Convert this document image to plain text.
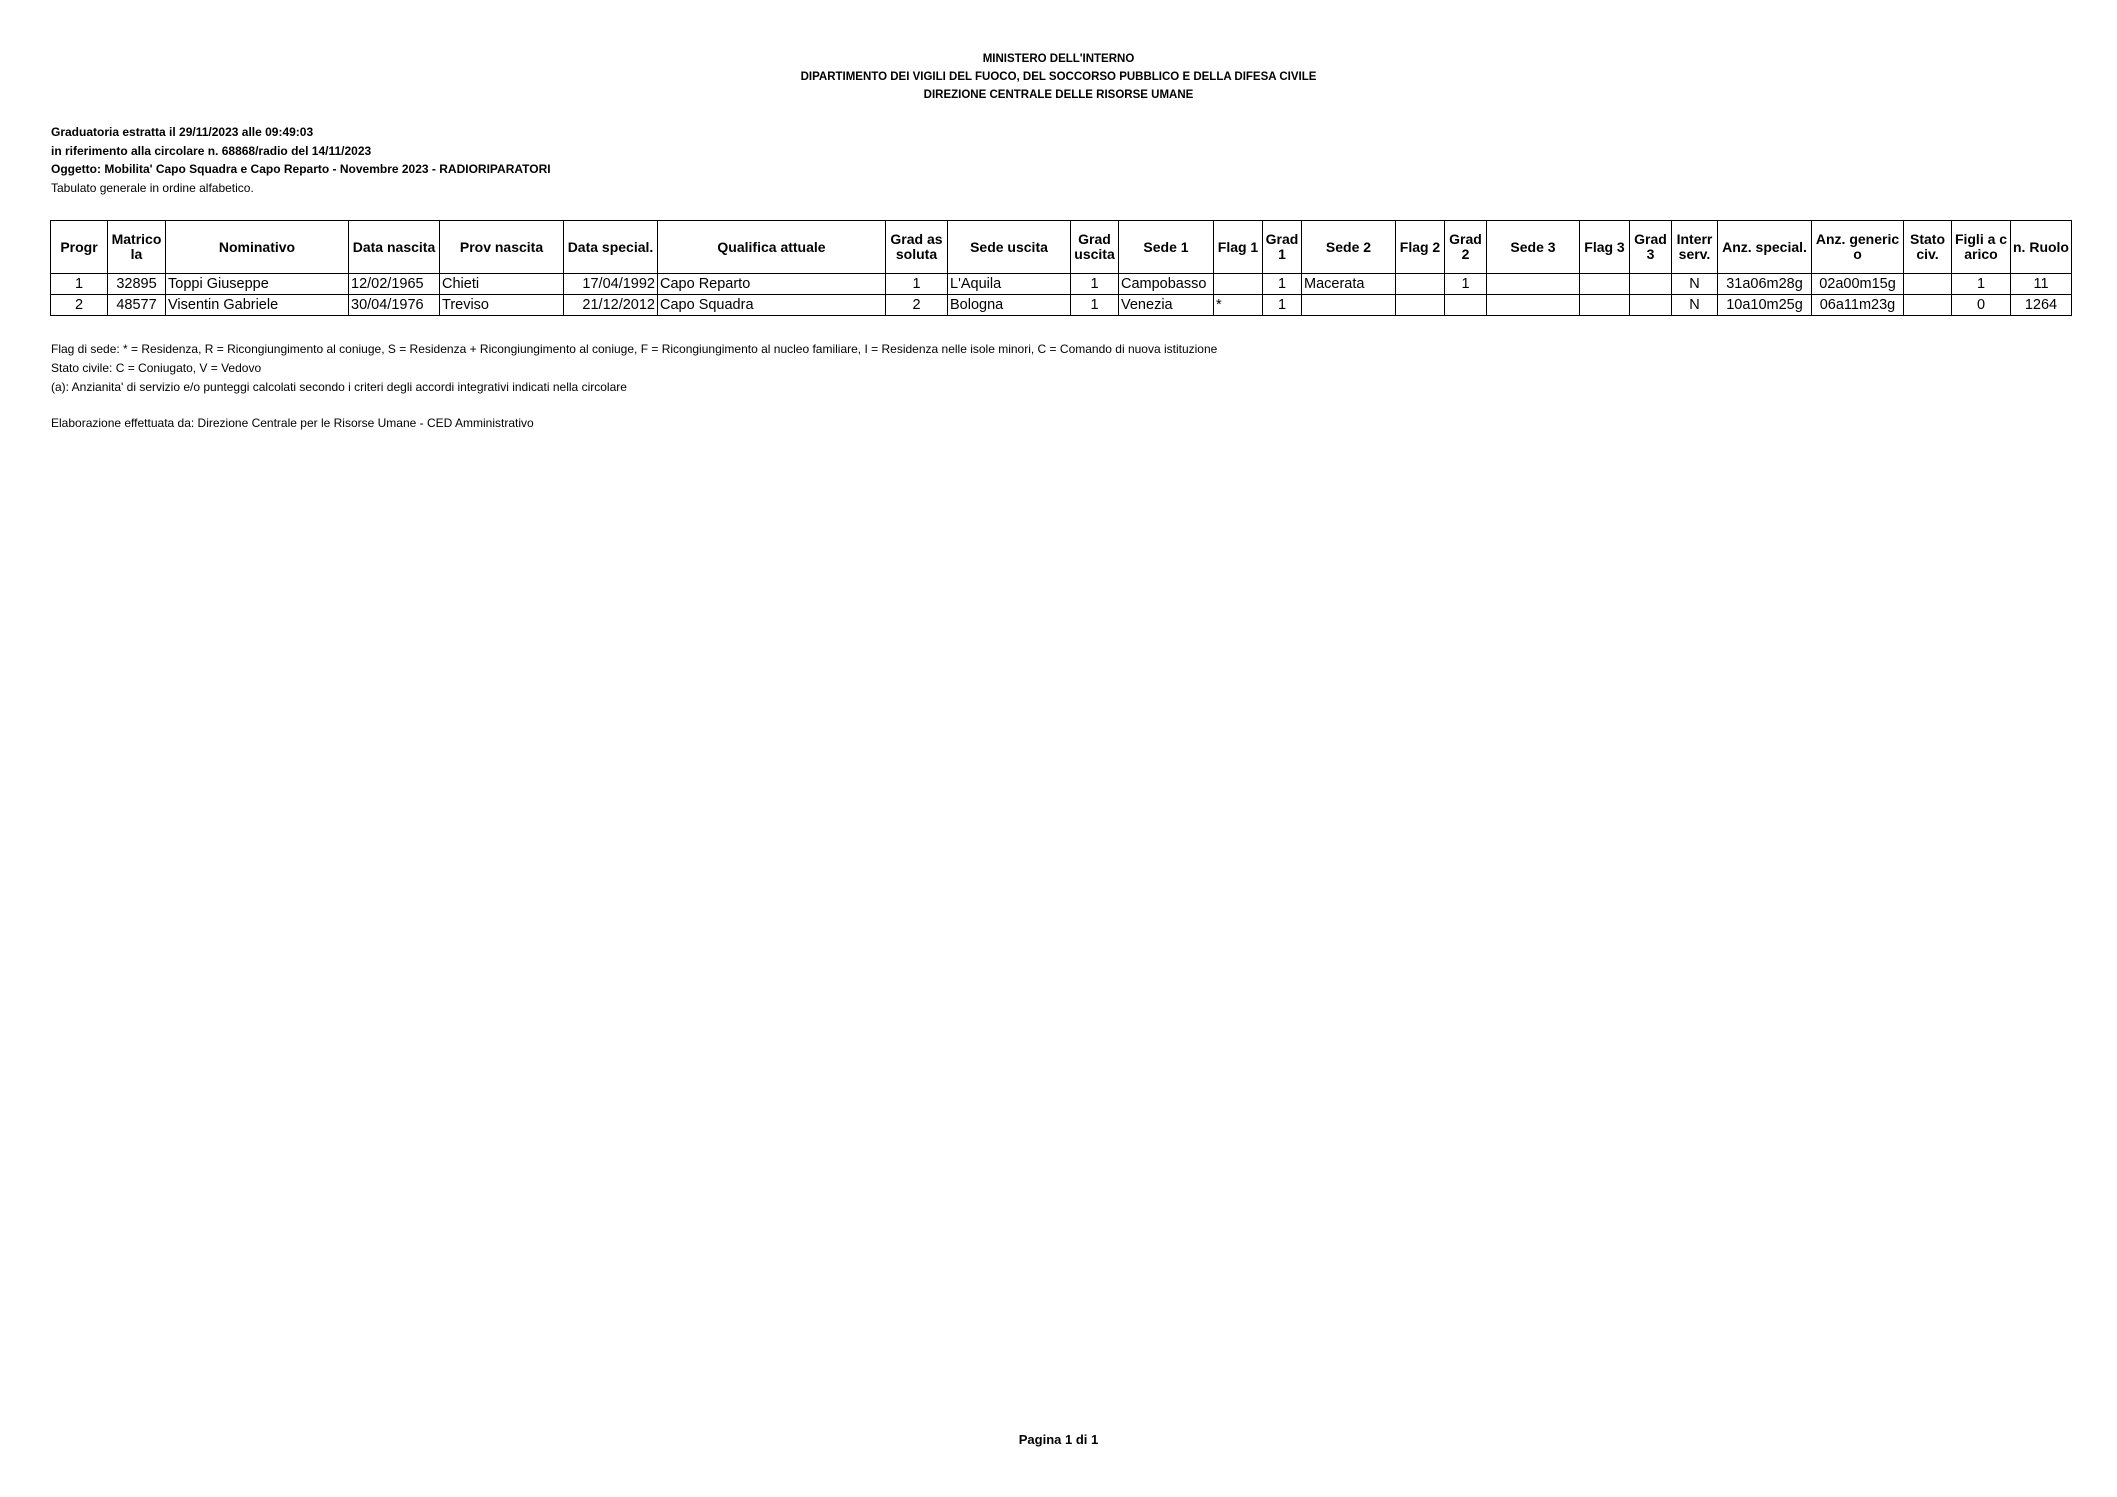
MINISTERO DELL'INTERNO
DIPARTIMENTO DEI VIGILI DEL FUOCO, DEL SOCCORSO PUBBLICO E DELLA DIFESA CIVILE
DIREZIONE CENTRALE DELLE RISORSE UMANE
Graduatoria estratta il 29/11/2023 alle 09:49:03
in riferimento alla circolare n. 68868/radio del 14/11/2023
Oggetto: Mobilita' Capo Squadra e Capo Reparto - Novembre 2023 - RADIORIPARATORI
Tabulato generale in ordine alfabetico.
Progr	Matricola	Nominativo	Data nascita	Prov nascita	Data special.	Qualifica attuale	Grad assoluta	Sede uscita	Grad uscita	Sede 1	Flag 1	Grad 1	Sede 2	Flag 2	Grad 2	Sede 3	Flag 3	Grad 3	Interr serv.	Anz. special.	Anz. generico	Stato civ.	Figli a carico	n. Ruolo
1	32895	Toppi Giuseppe	12/02/1965	Chieti	17/04/1992	Capo Reparto	1	L'Aquila	1	Campobasso		1	Macerata		1				N	31a06m28g	02a00m15g		1	11
2	48577	Visentin Gabriele	30/04/1976	Treviso	21/12/2012	Capo Squadra	2	Bologna	1	Venezia	*	1							N	10a10m25g	06a11m23g		0	1264
Flag di sede: * = Residenza, R = Ricongiungimento al coniuge, S = Residenza + Ricongiungimento al coniuge, F = Ricongiungimento al nucleo familiare, I = Residenza nelle isole minori, C = Comando di nuova istituzione
Stato civile: C = Coniugato, V = Vedovo
(a): Anzianita' di servizio e/o punteggi calcolati secondo i criteri degli accordi integrativi indicati nella circolare
Elaborazione effettuata da: Direzione Centrale per le Risorse Umane - CED Amministrativo
Pagina 1 di 1
